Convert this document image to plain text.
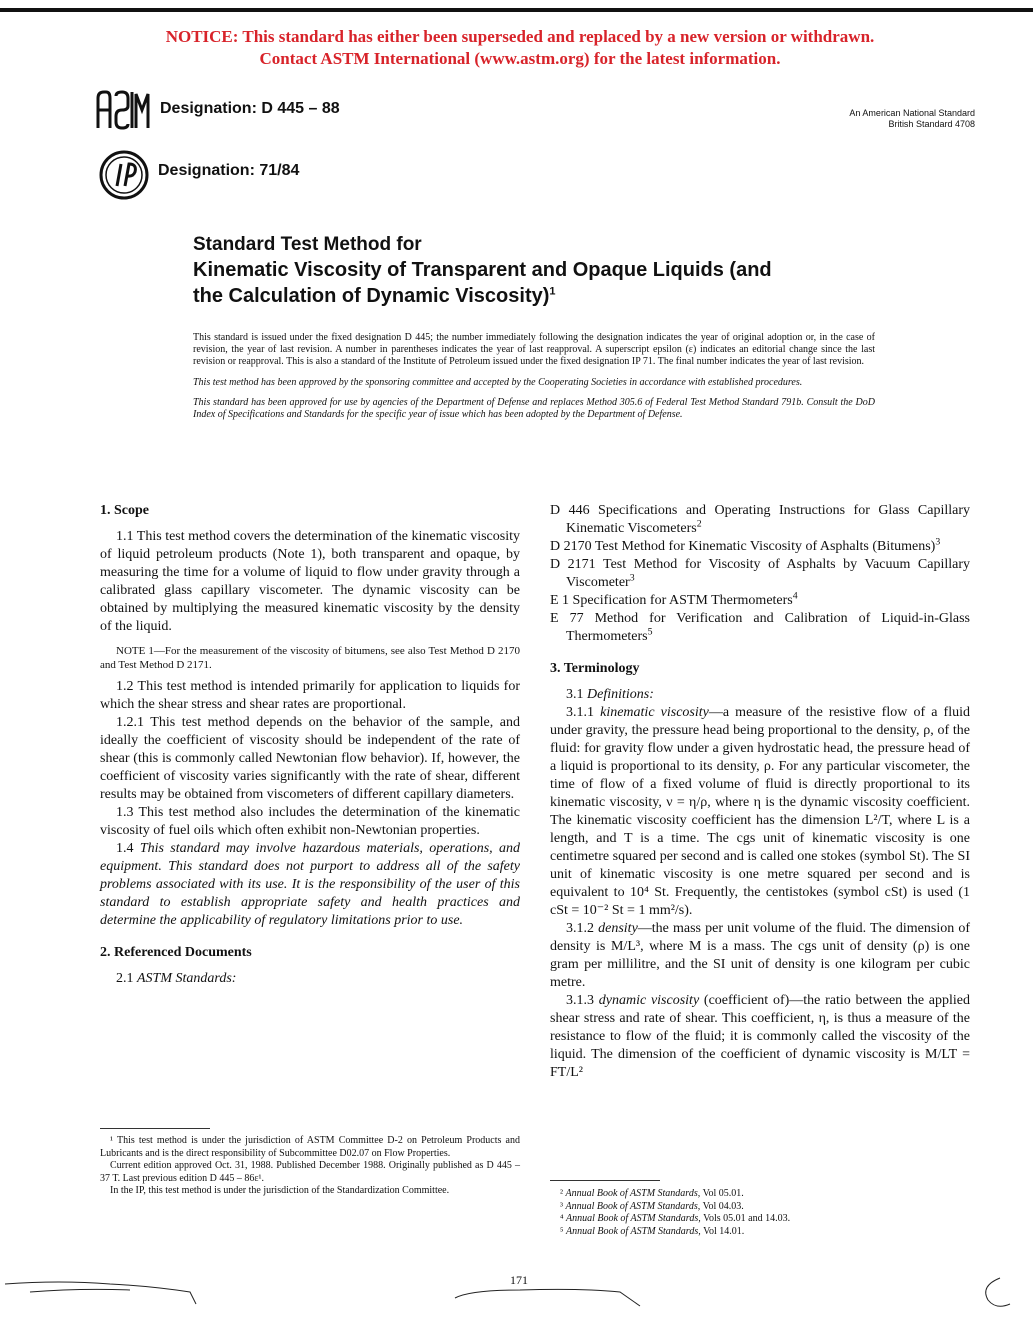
NOTICE: This standard has either been superseded and replaced by a new version or withdrawn.
Contact ASTM International (www.astm.org) for the latest information.
Designation: D 445 – 88
Designation: 71/84
An American National Standard
British Standard 4708
Standard Test Method for
Kinematic Viscosity of Transparent and Opaque Liquids (and
the Calculation of Dynamic Viscosity)$^1$

This standard is issued under the fixed designation D 445; the number immediately following the designation indicates the year of original adoption or, in the case of revision, the year of last revision. A number in parentheses indicates the year of last reapproval. A superscript epsilon (ε) indicates an editorial change since the last revision or reapproval. This is also a standard of the Institute of Petroleum issued under the fixed designation IP 71. The final number indicates the year of last revision.

This test method has been approved by the sponsoring committee and accepted by the Cooperating Societies in accordance with established procedures.

This standard has been approved for use by agencies of the Department of Defense and replaces Method 305.6 of Federal Test Method Standard 791b. Consult the DoD Index of Specifications and Standards for the specific year of issue which has been adopted by the Department of Defense.

1. Scope

1.1 This test method covers the determination of the kinematic viscosity of liquid petroleum products (Note 1), both transparent and opaque, by measuring the time for a volume of liquid to flow under gravity through a calibrated glass capillary viscometer. The dynamic viscosity can be obtained by multiplying the measured kinematic viscosity by the density of the liquid.

NOTE 1—For the measurement of the viscosity of bitumens, see also Test Method D 2170 and Test Method D 2171.

1.2 This test method is intended primarily for application to liquids for which the shear stress and shear rates are proportional.

1.2.1 This test method depends on the behavior of the sample, and ideally the coefficient of viscosity should be independent of the rate of shear (this is commonly called Newtonian flow behavior). If, however, the coefficient of viscosity varies significantly with the rate of shear, different results may be obtained from viscometers of different capillary diameters.

1.3 This test method also includes the determination of the kinematic viscosity of fuel oils which often exhibit non-Newtonian properties.

1.4 This standard may involve hazardous materials, operations, and equipment. This standard does not purport to address all of the safety problems associated with its use. It is the responsibility of the user of this standard to establish appropriate safety and health practices and determine the applicability of regulatory limitations prior to use.

2. Referenced Documents

2.1 ASTM Standards:

¹ This test method is under the jurisdiction of ASTM Committee D-2 on Petroleum Products and Lubricants and is the direct responsibility of Subcommittee D02.07 on Flow Properties.

Current edition approved Oct. 31, 1988. Published December 1988. Originally published as D 445 – 37 T. Last previous edition D 445 – 86ε¹.

In the IP, this test method is under the jurisdiction of the Standardization Committee.

D 446 Specifications and Operating Instructions for Glass Capillary Kinematic Viscometers$^2$

D 2170 Test Method for Kinematic Viscosity of Asphalts (Bitumens)$^3$

D 2171 Test Method for Viscosity of Asphalts by Vacuum Capillary Viscometer$^3$

E 1 Specification for ASTM Thermometers$^4$

E 77 Method for Verification and Calibration of Liquid-in-Glass Thermometers$^5$

3. Terminology

3.1 Definitions:

3.1.1 kinematic viscosity—a measure of the resistive flow of a fluid under gravity, the pressure head being proportional to the density, ρ, of the fluid: for gravity flow under a given hydrostatic head, the pressure head of a liquid is proportional to its density, ρ. For any particular viscometer, the time of flow of a fixed volume of fluid is directly proportional to its kinematic viscosity, ν = η/ρ, where η is the dynamic viscosity coefficient. The kinematic viscosity coefficient has the dimension L²/T, where L is a length, and T is a time. The cgs unit of kinematic viscosity is one centimetre squared per second and is called one stokes (symbol St). The SI unit of kinematic viscosity is one metre squared per second and is equivalent to 10⁴ St. Frequently, the centistokes (symbol cSt) is used (1 cSt = 10⁻² St = 1 mm²/s).

3.1.2 density—the mass per unit volume of the fluid. The dimension of density is M/L³, where M is a mass. The cgs unit of density (ρ) is one gram per millilitre, and the SI unit of density is one kilogram per cubic metre.

3.1.3 dynamic viscosity (coefficient of)—the ratio between the applied shear stress and rate of shear. This coefficient, η, is thus a measure of the resistance to flow of the fluid; it is commonly called the viscosity of the liquid. The dimension of the coefficient of dynamic viscosity is M/LT = FT/L²

² Annual Book of ASTM Standards, Vol 05.01.

³ Annual Book of ASTM Standards, Vol 04.03.

⁴ Annual Book of ASTM Standards, Vols 05.01 and 14.03.

⁵ Annual Book of ASTM Standards, Vol 14.01.

171
